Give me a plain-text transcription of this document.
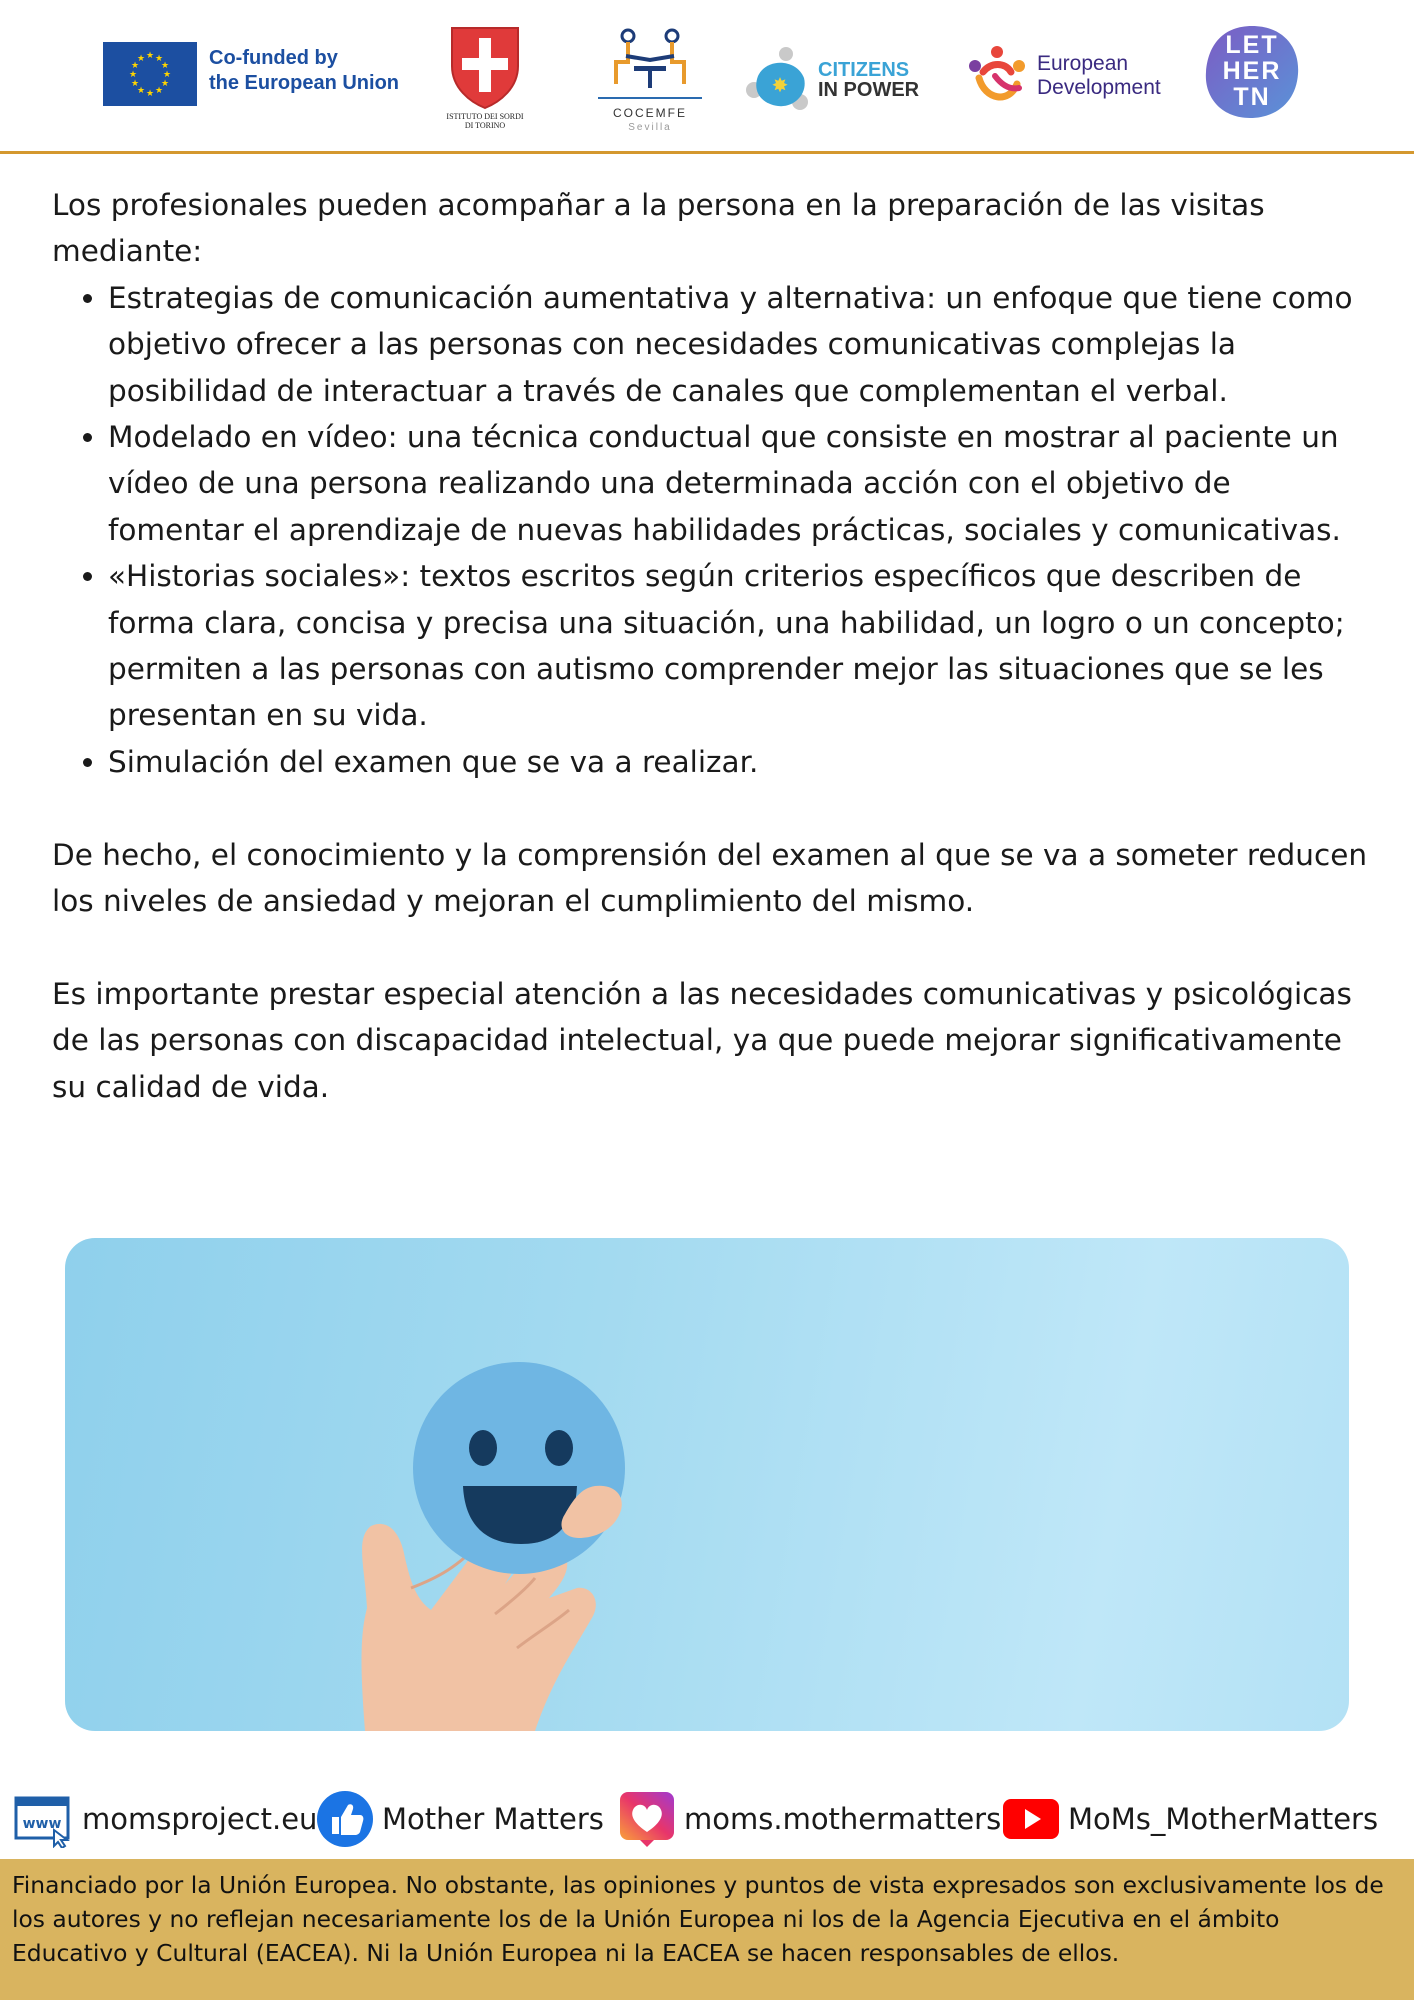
★ ★
★
★
★
★
★
★
★
★
★
★	Co-funded by
the European Union
ISTITUTO DEI SORDI
DI TORINO
COCEMFE
Sevilla
✸
CITIZENS
IN POWER
European
Development
LET
HER
TN

Los profesionales pueden acompañar a la persona en la preparación de las visitas mediante:

• Estrategias de comunicación aumentativa y alternativa: un enfoque que tiene como objetivo ofrecer a las personas con necesidades comunicativas complejas la posibilidad de interactuar a través de canales que complementan el verbal.
• Modelado en vídeo: una técnica conductual que consiste en mostrar al paciente un vídeo de una persona realizando una determinada acción con el objetivo de fomentar el aprendizaje de nuevas habilidades prácticas, sociales y comunicativas.
• «Historias sociales»: textos escritos según criterios específicos que describen de forma clara, concisa y precisa una situación, una habilidad, un logro o un concepto; permiten a las personas con autismo comprender mejor las situaciones que se les presentan en su vida.
• Simulación del examen que se va a realizar.

De hecho, el conocimiento y la comprensión del examen al que se va a someter reducen los niveles de ansiedad y mejoran el cumplimiento del mismo.

Es importante prestar especial atención a las necesidades comunicativas y psicológicas de las personas con discapacidad intelectual, ya que puede mejorar significativamente su calidad de vida.

www momsproject.eu Mother Matters	moms.mothermatters MoMs_MotherMatters
Financiado por la Unión Europea. No obstante, las opiniones y puntos de vista expresados son exclusivamente los de los autores y no reflejan necesariamente los de la Unión Europea ni los de la Agencia Ejecutiva en el ámbito Educativo y Cultural (EACEA). Ni la Unión Europea ni la EACEA se hacen responsables de ellos.
